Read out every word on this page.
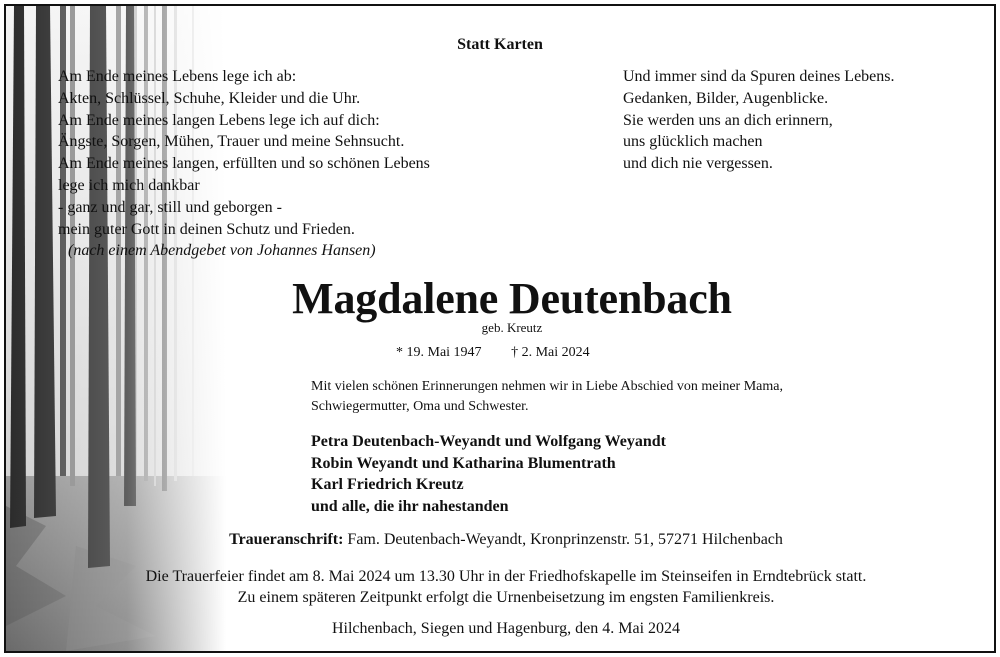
Statt Karten
Am Ende meines Lebens lege ich ab:
Akten, Schlüssel, Schuhe, Kleider und die Uhr.
Am Ende meines langen Lebens lege ich auf dich:
Ängste, Sorgen, Mühen, Trauer und meine Sehnsucht.
Am Ende meines langen, erfüllten und so schönen Lebens
lege ich mich dankbar
- ganz und gar, still und geborgen -
mein guter Gott in deinen Schutz und Frieden.
(nach einem Abendgebet von Johannes Hansen)
Und immer sind da Spuren deines Lebens.
Gedanken, Bilder, Augenblicke.
Sie werden uns an dich erinnern,
uns glücklich machen
und dich nie vergessen.
Magdalene Deutenbach
geb. Kreutz
* 19. Mai 1947 † 2. Mai 2024
Mit vielen schönen Erinnerungen nehmen wir in Liebe Abschied von meiner Mama,
Schwiegermutter, Oma und Schwester.
Petra Deutenbach-Weyandt und Wolfgang Weyandt
Robin Weyandt und Katharina Blumentrath
Karl Friedrich Kreutz
und alle, die ihr nahestanden
Traueranschrift: Fam. Deutenbach-Weyandt, Kronprinzenstr. 51, 57271 Hilchenbach
Die Trauerfeier findet am 8. Mai 2024 um 13.30 Uhr in der Friedhofskapelle im Steinseifen in Erndtebrück statt.
Zu einem späteren Zeitpunkt erfolgt die Urnenbeisetzung im engsten Familienkreis.
Hilchenbach, Siegen und Hagenburg, den 4. Mai 2024
